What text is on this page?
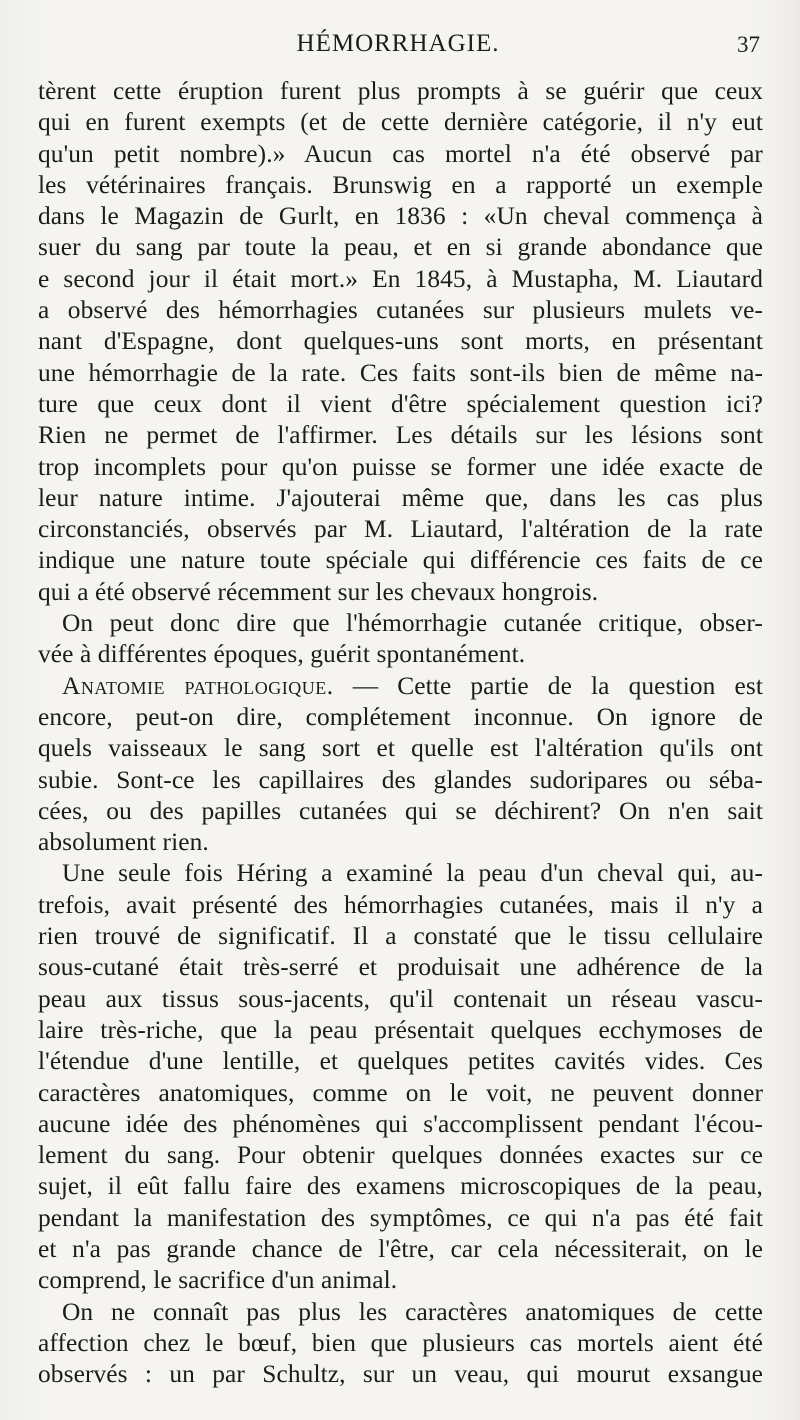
HÉMORRHAGIE.	37
tèrent cette éruption furent plus prompts à se guérir que ceux
qui en furent exempts (et de cette dernière catégorie, il n'y eut
qu'un petit nombre).» Aucun cas mortel n'a été observé par
les vétérinaires français. Brunswig en a rapporté un exemple
dans le Magazin de Gurlt, en 1836 : «Un cheval commença à
suer du sang par toute la peau, et en si grande abondance que
e second jour il était mort.» En 1845, à Mustapha, M. Liautard
a observé des hémorrhagies cutanées sur plusieurs mulets ve-
nant d'Espagne, dont quelques-uns sont morts, en présentant
une hémorrhagie de la rate. Ces faits sont-ils bien de même na-
ture que ceux dont il vient d'être spécialement question ici?
Rien ne permet de l'affirmer. Les détails sur les lésions sont
trop incomplets pour qu'on puisse se former une idée exacte de
leur nature intime. J'ajouterai même que, dans les cas plus
circonstanciés, observés par M. Liautard, l'altération de la rate
indique une nature toute spéciale qui différencie ces faits de ce
qui a été observé récemment sur les chevaux hongrois.
On peut donc dire que l'hémorrhagie cutanée critique, obser-
vée à différentes époques, guérit spontanément.
Anatomie pathologique. — Cette partie de la question est
encore, peut-on dire, complétement inconnue. On ignore de
quels vaisseaux le sang sort et quelle est l'altération qu'ils ont
subie. Sont-ce les capillaires des glandes sudoripares ou séba-
cées, ou des papilles cutanées qui se déchirent? On n'en sait
absolument rien.
Une seule fois Héring a examiné la peau d'un cheval qui, au-
trefois, avait présenté des hémorrhagies cutanées, mais il n'y a
rien trouvé de significatif. Il a constaté que le tissu cellulaire
sous-cutané était très-serré et produisait une adhérence de la
peau aux tissus sous-jacents, qu'il contenait un réseau vascu-
laire très-riche, que la peau présentait quelques ecchymoses de
l'étendue d'une lentille, et quelques petites cavités vides. Ces
caractères anatomiques, comme on le voit, ne peuvent donner
aucune idée des phénomènes qui s'accomplissent pendant l'écou-
lement du sang. Pour obtenir quelques données exactes sur ce
sujet, il eût fallu faire des examens microscopiques de la peau,
pendant la manifestation des symptômes, ce qui n'a pas été fait
et n'a pas grande chance de l'être, car cela nécessiterait, on le
comprend, le sacrifice d'un animal.
On ne connaît pas plus les caractères anatomiques de cette
affection chez le bœuf, bien que plusieurs cas mortels aient été
observés : un par Schultz, sur un veau, qui mourut exsangue
